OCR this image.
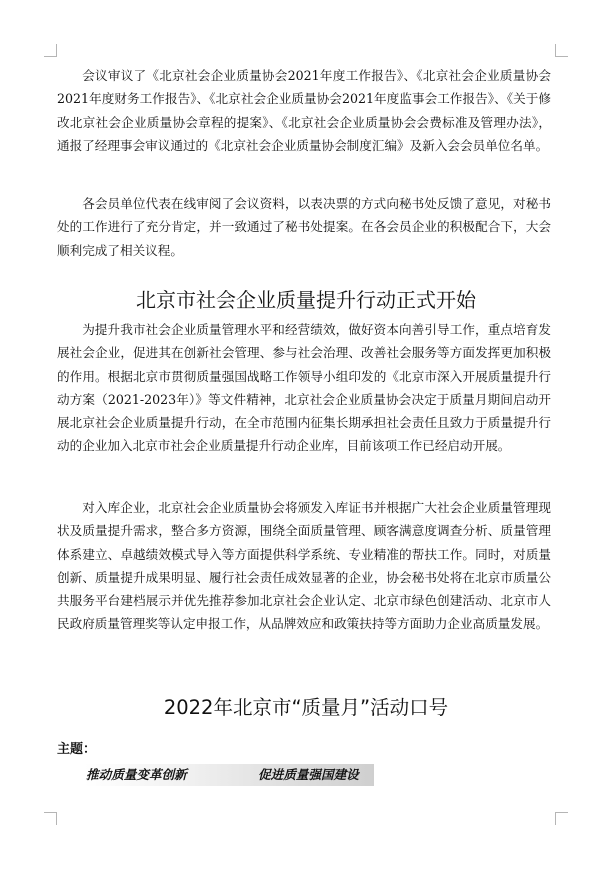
会议审议了《北京社会企业质量协会2021年度工作报告》、《北京社会企业质量协会2021年度财务工作报告》、《北京社会企业质量协会2021年度监事会工作报告》、《关于修改北京社会企业质量协会章程的提案》、《北京社会企业质量协会会费标准及管理办法》，通报了经理事会审议通过的《北京社会企业质量协会制度汇编》及新入会会员单位名单。

各会员单位代表在线审阅了会议资料，以表决票的方式向秘书处反馈了意见，对秘书处的工作进行了充分肯定，并一致通过了秘书处提案。在各会员企业的积极配合下，大会顺利完成了相关议程。

北京市社会企业质量提升行动正式开始

为提升我市社会企业质量管理水平和经营绩效，做好资本向善引导工作，重点培育发展社会企业，促进其在创新社会管理、参与社会治理、改善社会服务等方面发挥更加积极的作用。根据北京市贯彻质量强国战略工作领导小组印发的《北京市深入开展质量提升行动方案（2021-2023年）》等文件精神，北京社会企业质量协会决定于质量月期间启动开展北京社会企业质量提升行动，在全市范围内征集长期承担社会责任且致力于质量提升行动的企业加入北京市社会企业质量提升行动企业库，目前该项工作已经启动开展。

对入库企业，北京社会企业质量协会将颁发入库证书并根据广大社会企业质量管理现状及质量提升需求，整合多方资源，围绕全面质量管理、顾客满意度调查分析、质量管理体系建立、卓越绩效模式导入等方面提供科学系统、专业精准的帮扶工作。同时，对质量创新、质量提升成果明显、履行社会责任成效显著的企业，协会秘书处将在北京市质量公共服务平台建档展示并优先推荐参加北京社会企业认定、北京市绿色创建活动、北京市人民政府质量管理奖等认定申报工作，从品牌效应和政策扶持等方面助力企业高质量发展。

2022年北京市“质量月”活动口号
主题：
推动质量变革创新	促进质量强国建设
